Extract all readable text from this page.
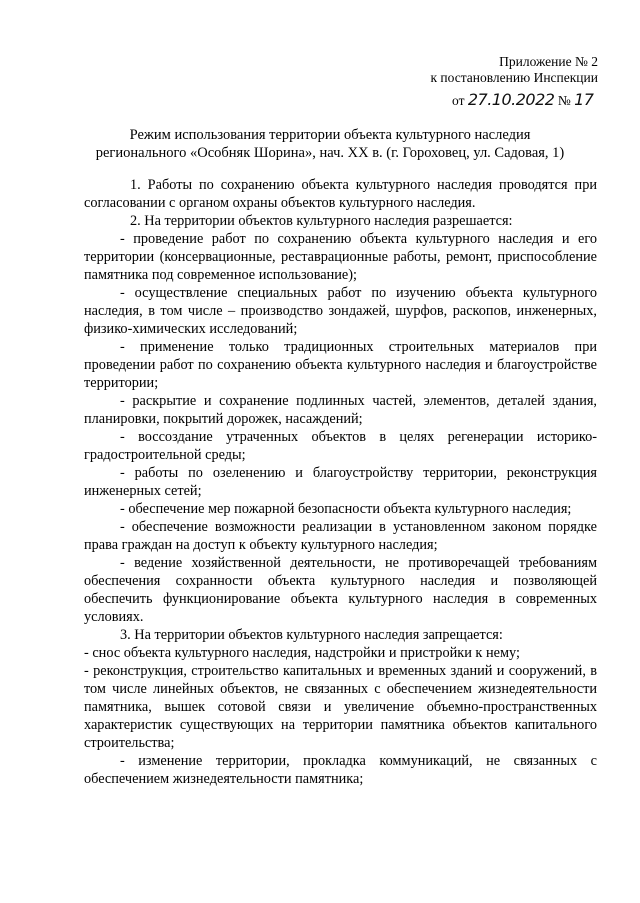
Приложение № 2
к постановлению Инспекции
от 27.10.2022 № 17
Режим использования территории объекта культурного наследия
регионального «Особняк Шорина», нач. XX в. (г. Гороховец, ул. Садовая, 1)

1. Работы по сохранению объекта культурного наследия проводятся при согласовании с органом охраны объектов культурного наследия.

2. На территории объектов культурного наследия разрешается:

- проведение работ по сохранению объекта культурного наследия и его территории (консервационные, реставрационные работы, ремонт, приспособление памятника под современное использование);

- осуществление специальных работ по изучению объекта культурного наследия, в том числе – производство зондажей, шурфов, раскопов, инженерных, физико-химических исследований;

- применение только традиционных строительных материалов при проведении работ по сохранению объекта культурного наследия и благоустройстве территории;

- раскрытие и сохранение подлинных частей, элементов, деталей здания, планировки, покрытий дорожек, насаждений;

- воссоздание утраченных объектов в целях регенерации историко-градостроительной среды;

- работы по озеленению и благоустройству территории, реконструкция инженерных сетей;

- обеспечение мер пожарной безопасности объекта культурного наследия;

- обеспечение возможности реализации в установленном законом порядке права граждан на доступ к объекту культурного наследия;

- ведение хозяйственной деятельности, не противоречащей требованиям обеспечения сохранности объекта культурного наследия и позволяющей обеспечить функционирование объекта культурного наследия в современных условиях.

3. На территории объектов культурного наследия запрещается:

- снос объекта культурного наследия, надстройки и пристройки к нему;

- реконструкция, строительство капитальных и временных зданий и сооружений, в том числе линейных объектов, не связанных с обеспечением жизнедеятельности памятника, вышек сотовой связи и увеличение объемно-пространственных характеристик существующих на территории памятника объектов капитального строительства;

- изменение территории, прокладка коммуникаций, не связанных с обеспечением жизнедеятельности памятника;
